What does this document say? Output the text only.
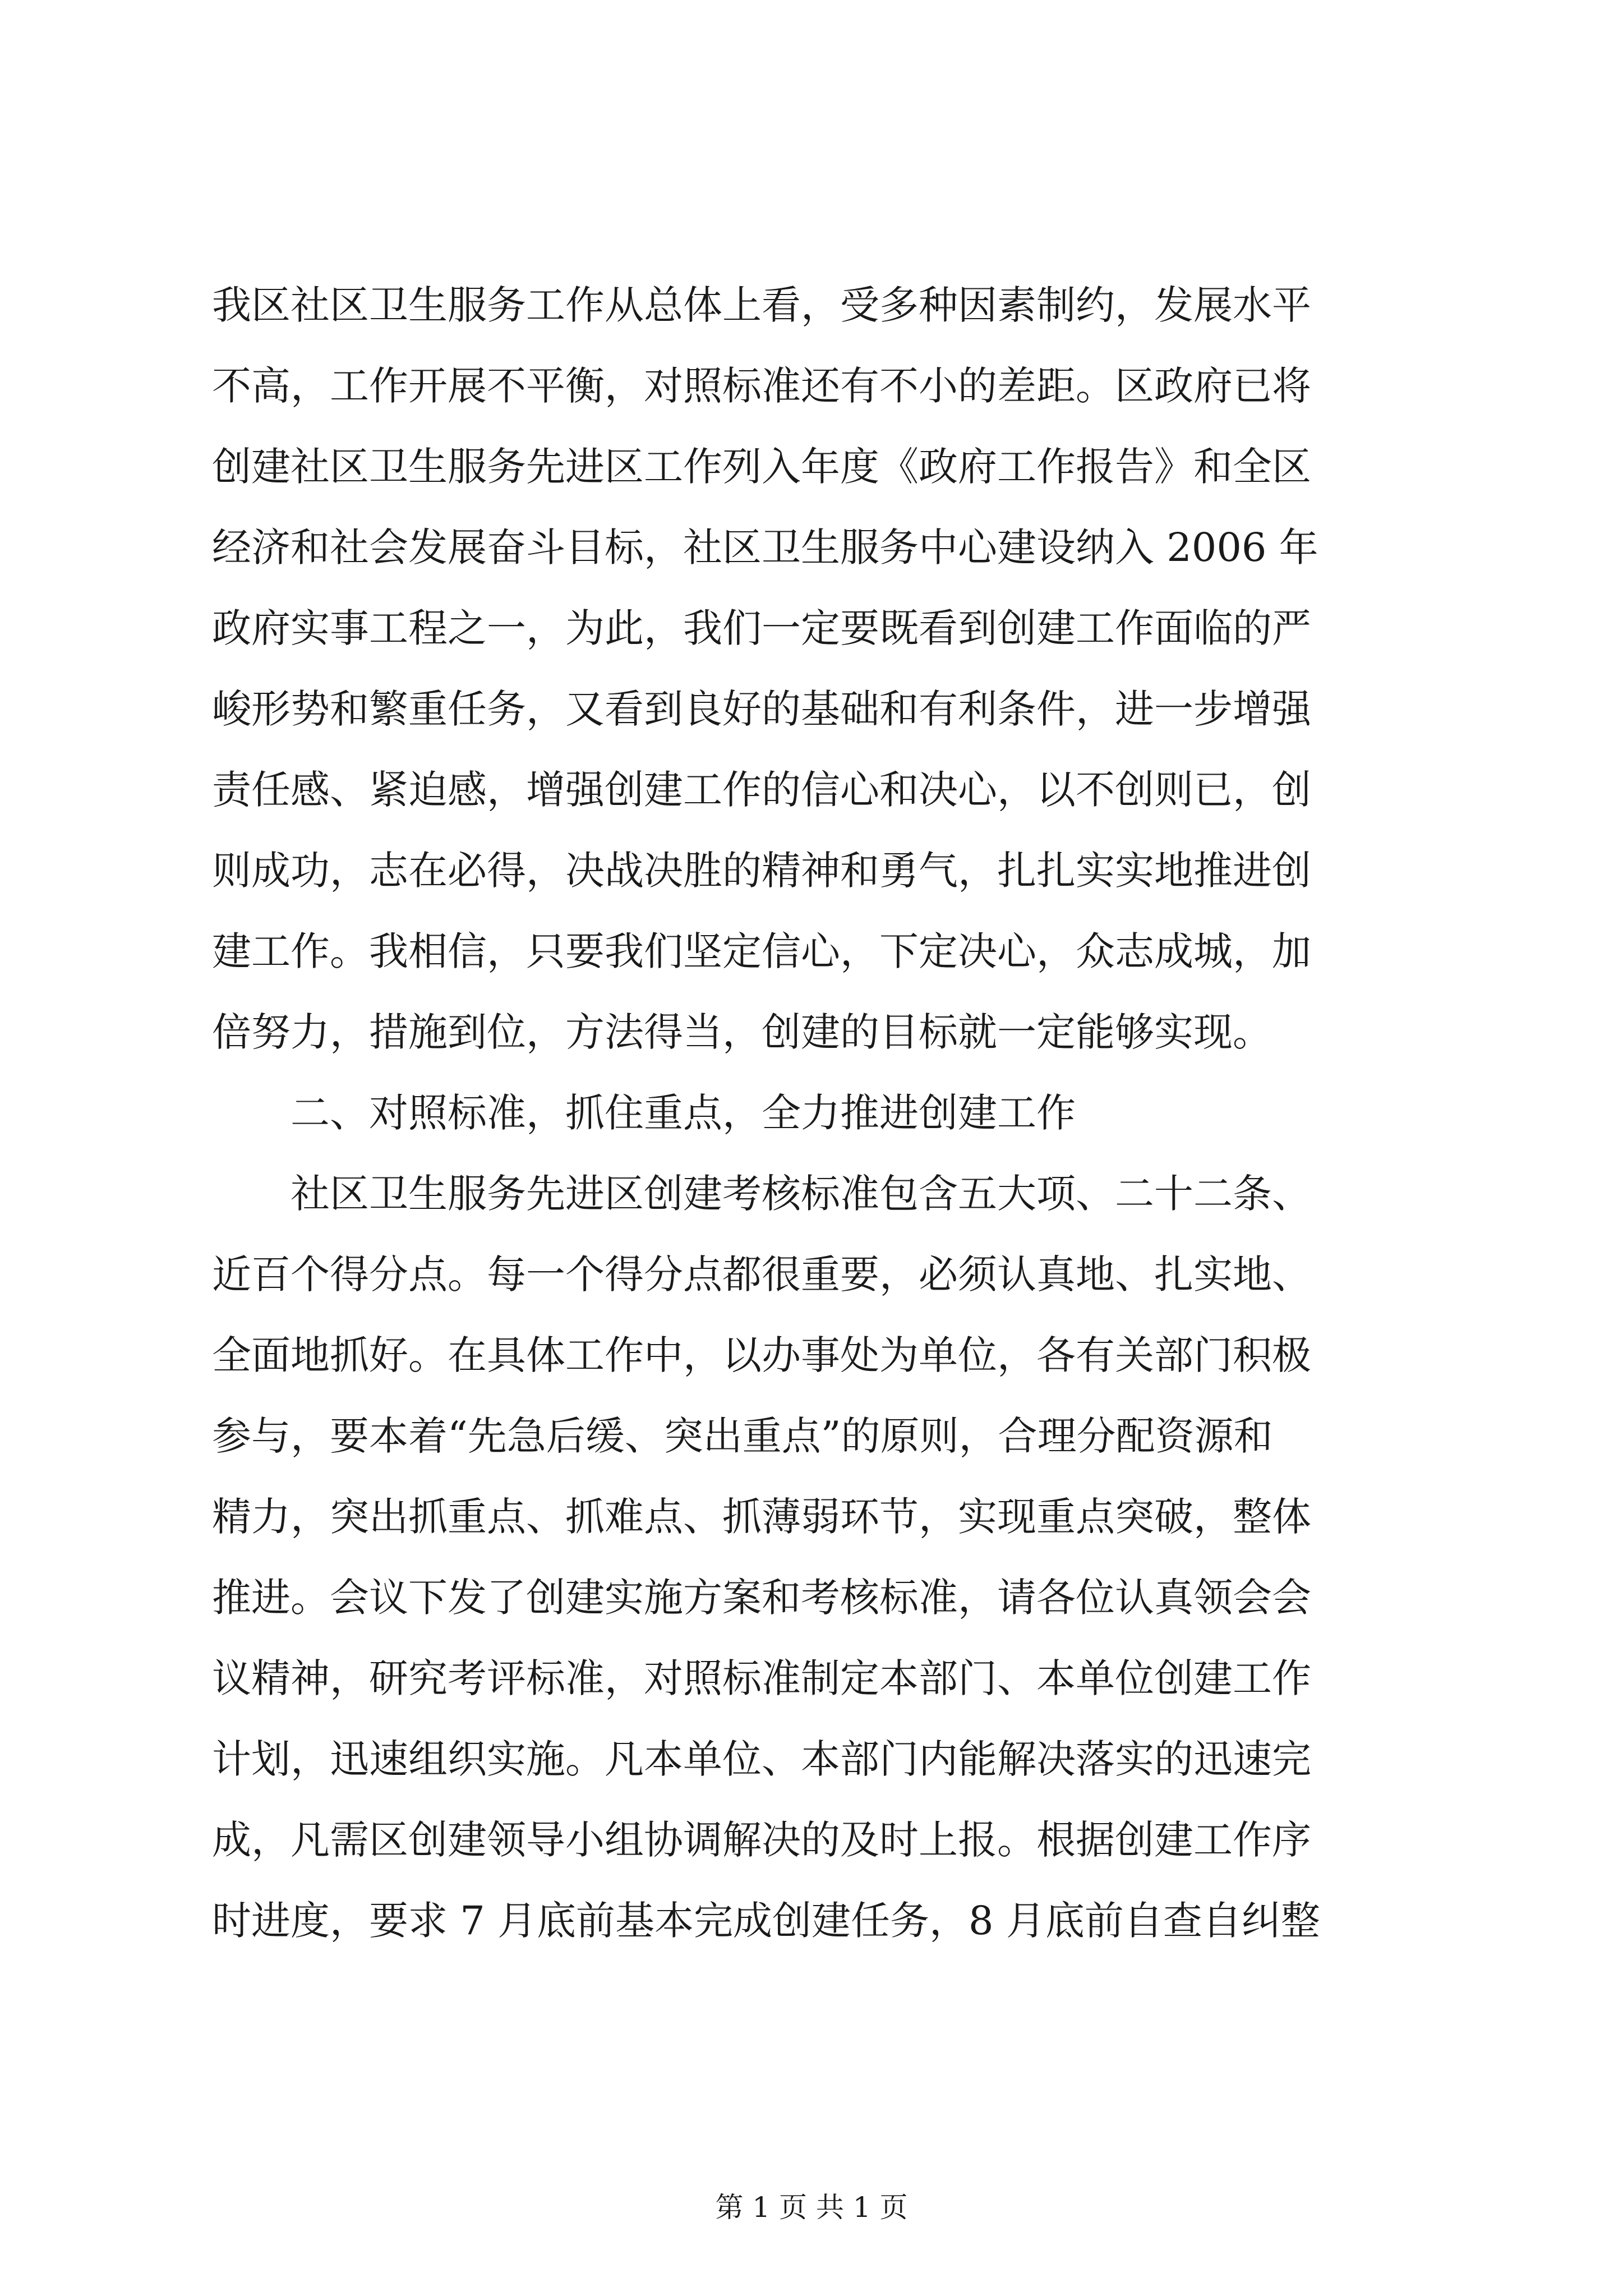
我区社区卫生服务工作从总体上看，受多种因素制约，发展水平
不高，工作开展不平衡，对照标准还有不小的差距。区政府已将
创建社区卫生服务先进区工作列入年度《政府工作报告》和全区
经济和社会发展奋斗目标，社区卫生服务中心建设纳入 2006 年
政府实事工程之一，为此，我们一定要既看到创建工作面临的严
峻形势和繁重任务，又看到良好的基础和有利条件，进一步增强
责任感、紧迫感，增强创建工作的信心和决心，以不创则已，创
则成功，志在必得，决战决胜的精神和勇气，扎扎实实地推进创
建工作。我相信，只要我们坚定信心，下定决心，众志成城，加
倍努力，措施到位，方法得当，创建的目标就一定能够实现。
二、对照标准，抓住重点，全力推进创建工作
社区卫生服务先进区创建考核标准包含五大项、二十二条、
近百个得分点。每一个得分点都很重要，必须认真地、扎实地、
全面地抓好。在具体工作中，以办事处为单位，各有关部门积极
参与，要本着“先急后缓、突出重点”的原则，合理分配资源和
精力，突出抓重点、抓难点、抓薄弱环节，实现重点突破，整体
推进。会议下发了创建实施方案和考核标准，请各位认真领会会
议精神，研究考评标准，对照标准制定本部门、本单位创建工作
计划，迅速组织实施。凡本单位、本部门内能解决落实的迅速完
成，凡需区创建领导小组协调解决的及时上报。根据创建工作序
时进度，要求 7 月底前基本完成创建任务，8 月底前自查自纠整
第 1 页 共 1 页
